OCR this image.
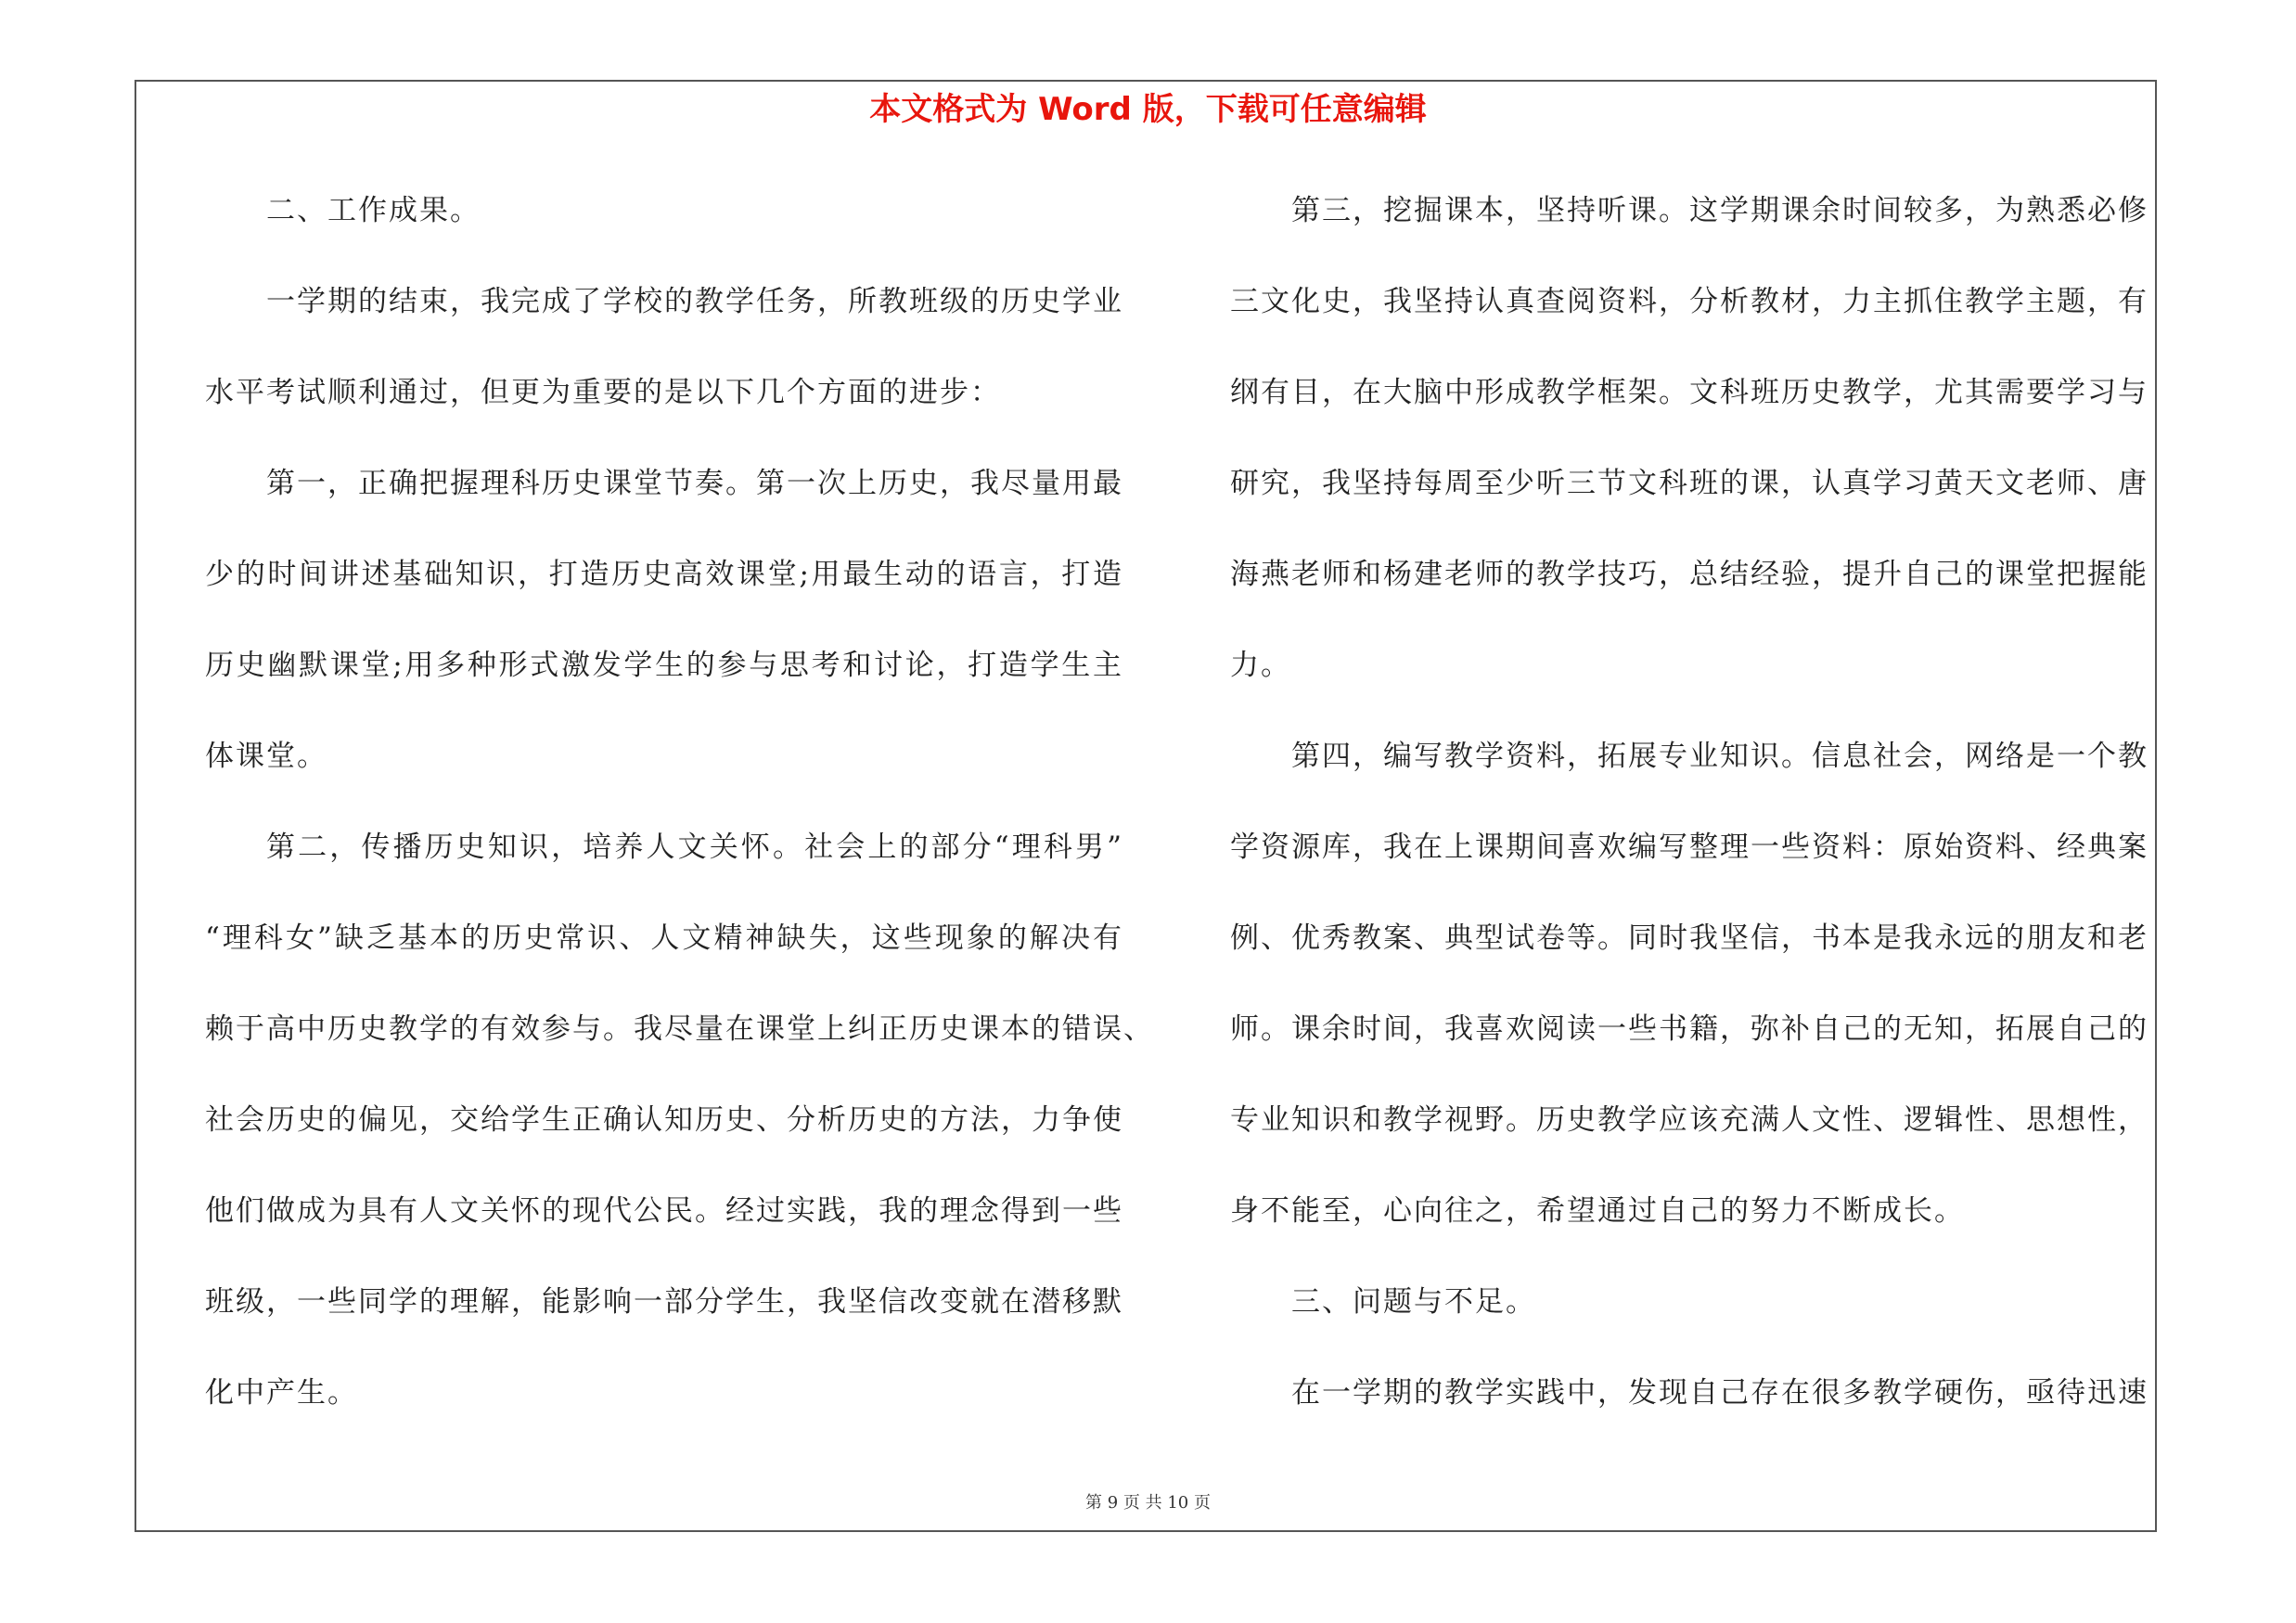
本文格式为 Word 版，下载可任意编辑
二、工作成果。
一学期的结束，我完成了学校的教学任务，所教班级的历史学业
水平考试顺利通过，但更为重要的是以下几个方面的进步：
第一，正确把握理科历史课堂节奏。第一次上历史，我尽量用最
少的时间讲述基础知识，打造历史高效课堂;用最生动的语言，打造
历史幽默课堂;用多种形式激发学生的参与思考和讨论，打造学生主
体课堂。
第二，传播历史知识，培养人文关怀。社会上的部分“理科男”
“理科女”缺乏基本的历史常识、人文精神缺失，这些现象的解决有
赖于高中历史教学的有效参与。我尽量在课堂上纠正历史课本的错误、
社会历史的偏见，交给学生正确认知历史、分析历史的方法，力争使
他们做成为具有人文关怀的现代公民。经过实践，我的理念得到一些
班级，一些同学的理解，能影响一部分学生，我坚信改变就在潜移默
化中产生。
第三，挖掘课本，坚持听课。这学期课余时间较多，为熟悉必修
三文化史，我坚持认真查阅资料，分析教材，力主抓住教学主题，有
纲有目，在大脑中形成教学框架。文科班历史教学，尤其需要学习与
研究，我坚持每周至少听三节文科班的课，认真学习黄天文老师、唐
海燕老师和杨建老师的教学技巧，总结经验，提升自己的课堂把握能
力。
第四，编写教学资料，拓展专业知识。信息社会，网络是一个教
学资源库，我在上课期间喜欢编写整理一些资料：原始资料、经典案
例、优秀教案、典型试卷等。同时我坚信，书本是我永远的朋友和老
师。课余时间，我喜欢阅读一些书籍，弥补自己的无知，拓展自己的
专业知识和教学视野。历史教学应该充满人文性、逻辑性、思想性，
身不能至，心向往之，希望通过自己的努力不断成长。
三、问题与不足。
在一学期的教学实践中，发现自己存在很多教学硬伤，亟待迅速
第 9 页 共 10 页
